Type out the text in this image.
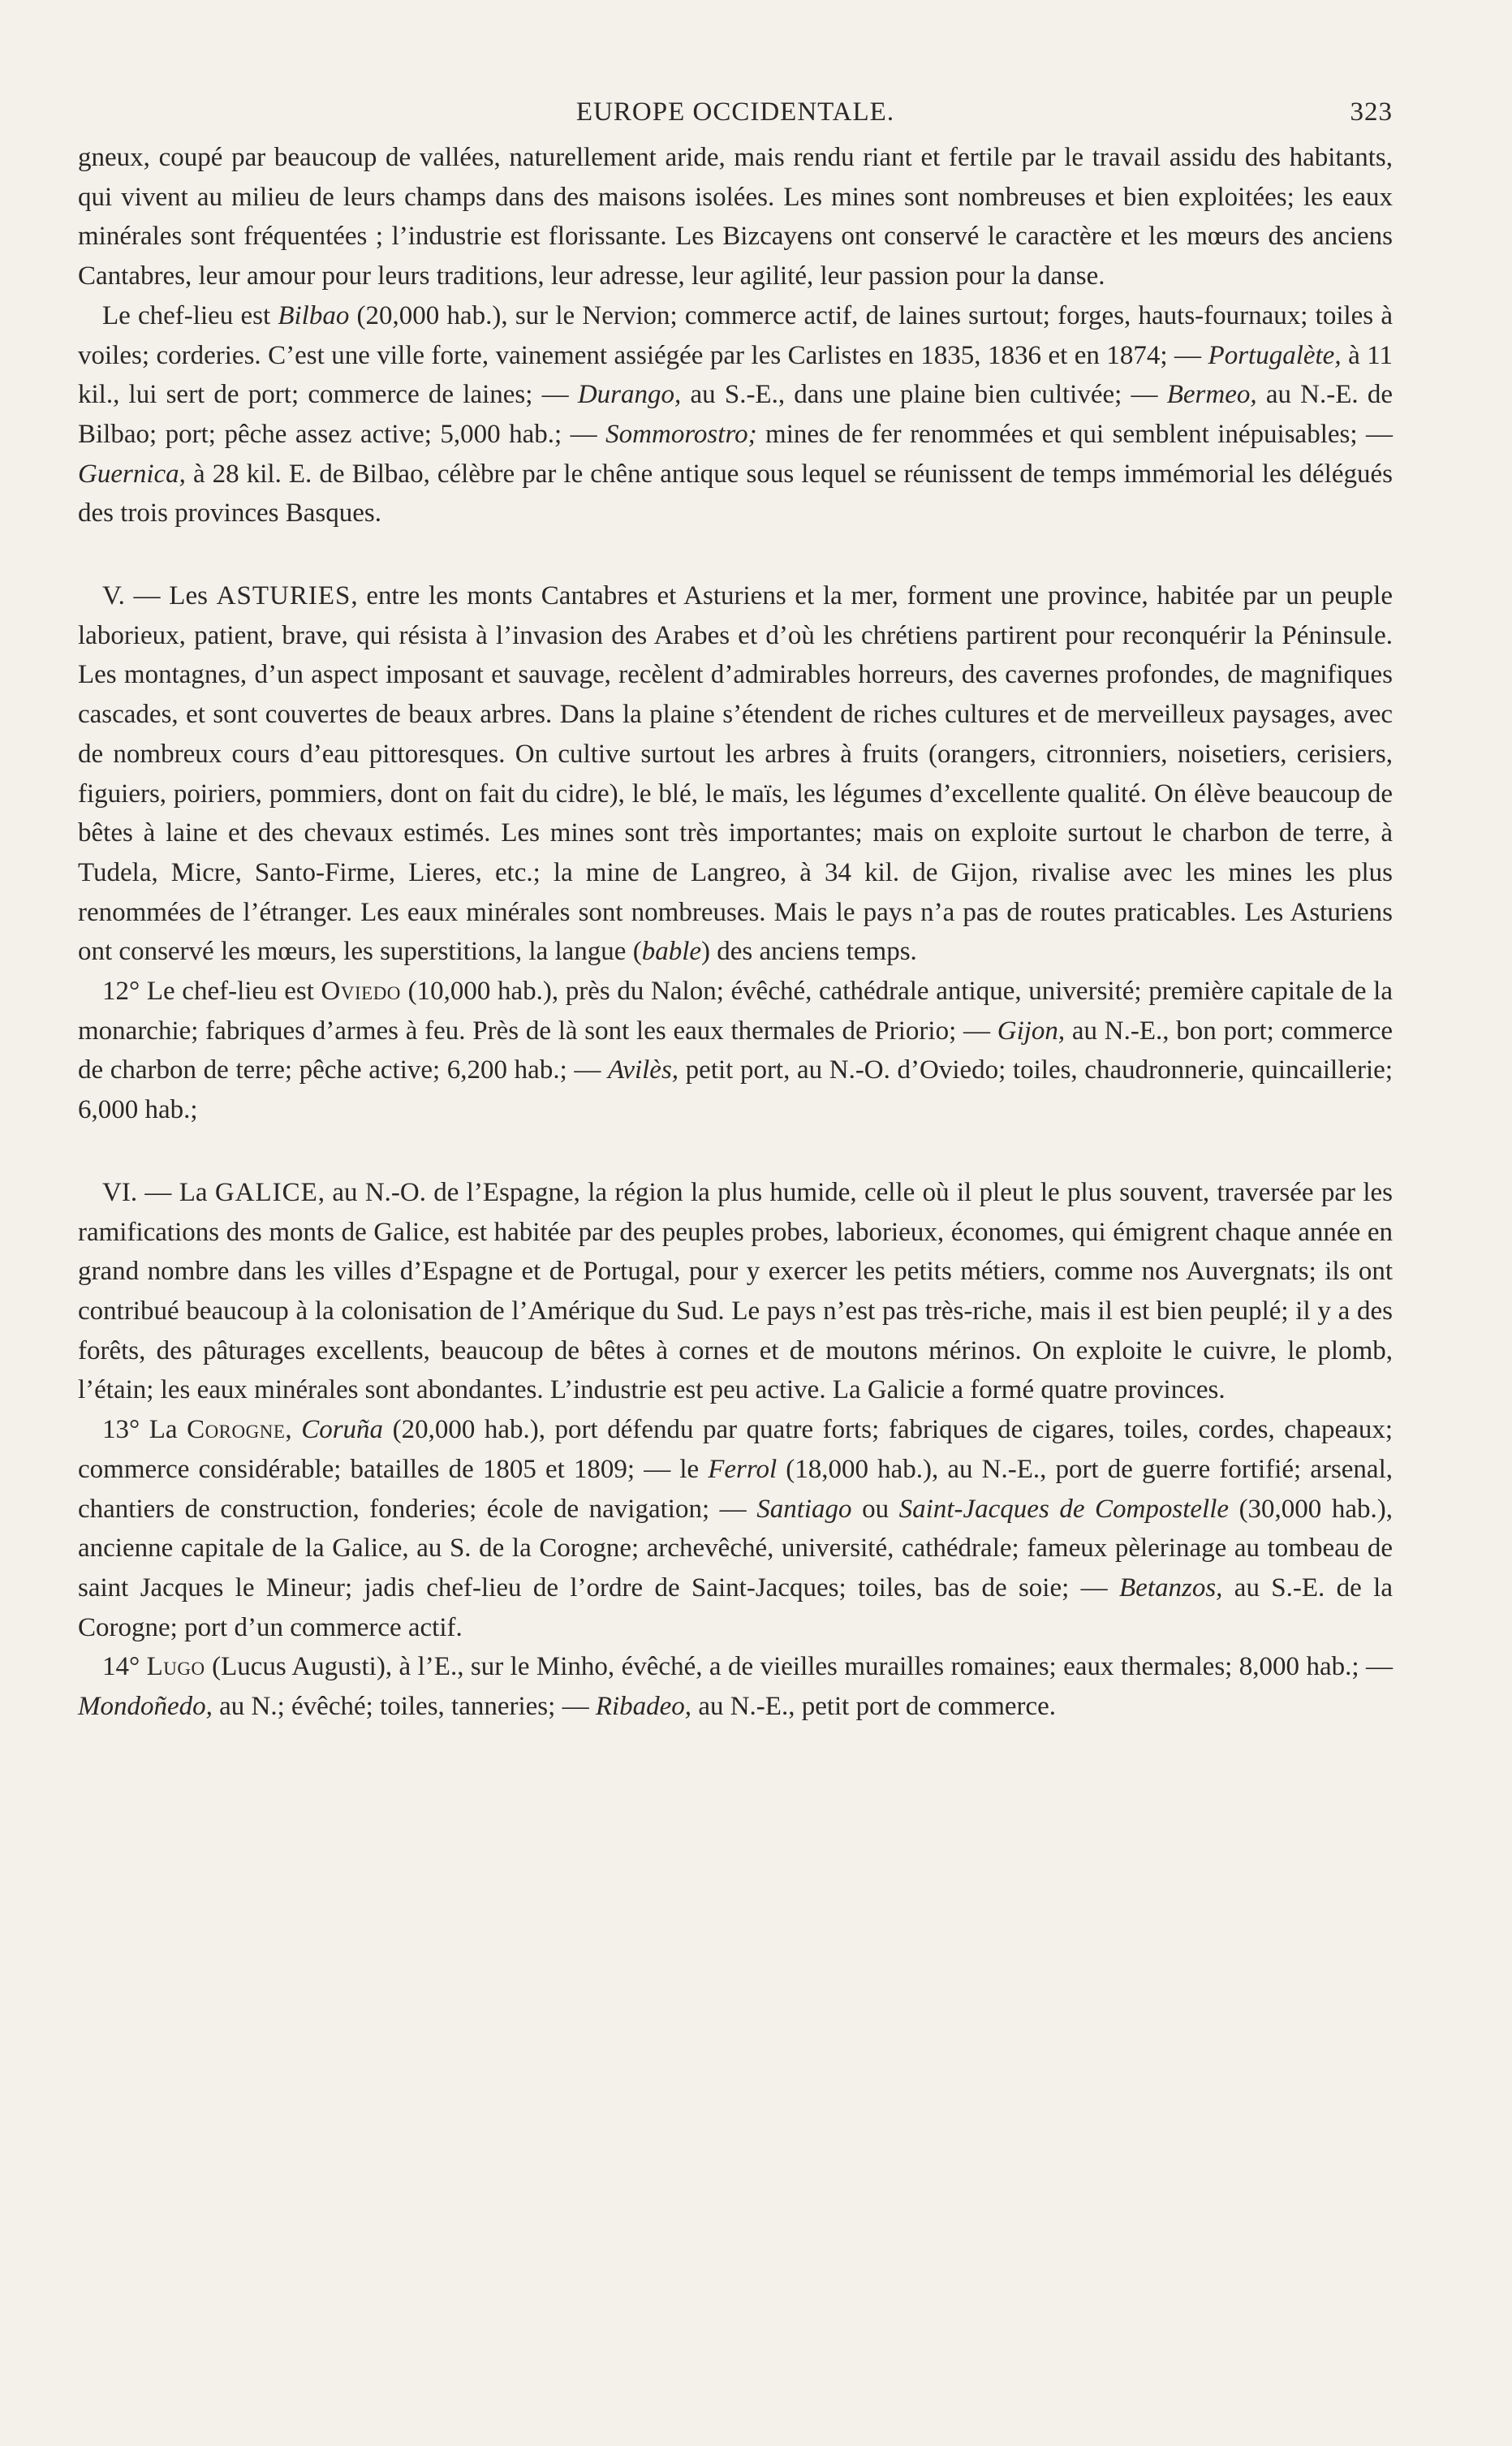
EUROPE OCCIDENTALE.	323

gneux, coupé par beaucoup de vallées, naturellement aride, mais rendu riant et fertile par le travail assidu des habitants, qui vivent au milieu de leurs champs dans des maisons isolées. Les mines sont nombreuses et bien exploitées; les eaux minérales sont fréquentées ; l’industrie est florissante. Les Bizcayens ont conservé le caractère et les mœurs des anciens Cantabres, leur amour pour leurs traditions, leur adresse, leur agilité, leur passion pour la danse.

Le chef-lieu est Bilbao (20,000 hab.), sur le Nervion; commerce actif, de laines surtout; forges, hauts-fournaux; toiles à voiles; corderies. C’est une ville forte, vainement assiégée par les Carlistes en 1835, 1836 et en 1874; — Portugalète, à 11 kil., lui sert de port; commerce de laines; — Durango, au S.-E., dans une plaine bien cultivée; — Bermeo, au N.-E. de Bilbao; port; pêche assez active; 5,000 hab.; — Sommorostro; mines de fer renommées et qui semblent inépuisables; — Guernica, à 28 kil. E. de Bilbao, célèbre par le chêne antique sous lequel se réunissent de temps immémorial les délégués des trois provinces Basques.

V. — Les ASTURIES, entre les monts Cantabres et Asturiens et la mer, forment une province, habitée par un peuple laborieux, patient, brave, qui résista à l’invasion des Arabes et d’où les chrétiens partirent pour reconquérir la Péninsule. Les montagnes, d’un aspect imposant et sauvage, recèlent d’admirables horreurs, des cavernes profondes, de magnifiques cascades, et sont couvertes de beaux arbres. Dans la plaine s’étendent de riches cultures et de merveilleux paysages, avec de nombreux cours d’eau pittoresques. On cultive surtout les arbres à fruits (orangers, citronniers, noisetiers, cerisiers, figuiers, poiriers, pommiers, dont on fait du cidre), le blé, le maïs, les légumes d’excellente qualité. On élève beaucoup de bêtes à laine et des chevaux estimés. Les mines sont très importantes; mais on exploite surtout le charbon de terre, à Tudela, Micre, Santo-Firme, Lieres, etc.; la mine de Langreo, à 34 kil. de Gijon, rivalise avec les mines les plus renommées de l’étranger. Les eaux minérales sont nombreuses. Mais le pays n’a pas de routes praticables. Les Asturiens ont conservé les mœurs, les superstitions, la langue (bable) des anciens temps.

12° Le chef-lieu est Oviedo (10,000 hab.), près du Nalon; évêché, cathédrale antique, université; première capitale de la monarchie; fabriques d’armes à feu. Près de là sont les eaux thermales de Priorio; — Gijon, au N.-E., bon port; commerce de charbon de terre; pêche active; 6,200 hab.; — Avilès, petit port, au N.-O. d’Oviedo; toiles, chaudronnerie, quincaillerie; 6,000 hab.;

VI. — La GALICE, au N.-O. de l’Espagne, la région la plus humide, celle où il pleut le plus souvent, traversée par les ramifications des monts de Galice, est habitée par des peuples probes, laborieux, économes, qui émigrent chaque année en grand nombre dans les villes d’Espagne et de Portugal, pour y exercer les petits métiers, comme nos Auvergnats; ils ont contribué beaucoup à la colonisation de l’Amérique du Sud. Le pays n’est pas très-riche, mais il est bien peuplé; il y a des forêts, des pâturages excellents, beaucoup de bêtes à cornes et de moutons mérinos. On exploite le cuivre, le plomb, l’étain; les eaux minérales sont abondantes. L’industrie est peu active. La Galicie a formé quatre provinces.

13° La Corogne, Coruña (20,000 hab.), port défendu par quatre forts; fabriques de cigares, toiles, cordes, chapeaux; commerce considérable; batailles de 1805 et 1809; — le Ferrol (18,000 hab.), au N.-E., port de guerre fortifié; arsenal, chantiers de construction, fonderies; école de navigation; — Santiago ou Saint-Jacques de Compostelle (30,000 hab.), ancienne capitale de la Galice, au S. de la Corogne; archevêché, université, cathédrale; fameux pèlerinage au tombeau de saint Jacques le Mineur; jadis chef-lieu de l’ordre de Saint-Jacques; toiles, bas de soie; — Betanzos, au S.-E. de la Corogne; port d’un commerce actif.

14° Lugo (Lucus Augusti), à l’E., sur le Minho, évêché, a de vieilles murailles romaines; eaux thermales; 8,000 hab.; — Mondoñedo, au N.; évêché; toiles, tanneries; — Ribadeo, au N.-E., petit port de commerce.
